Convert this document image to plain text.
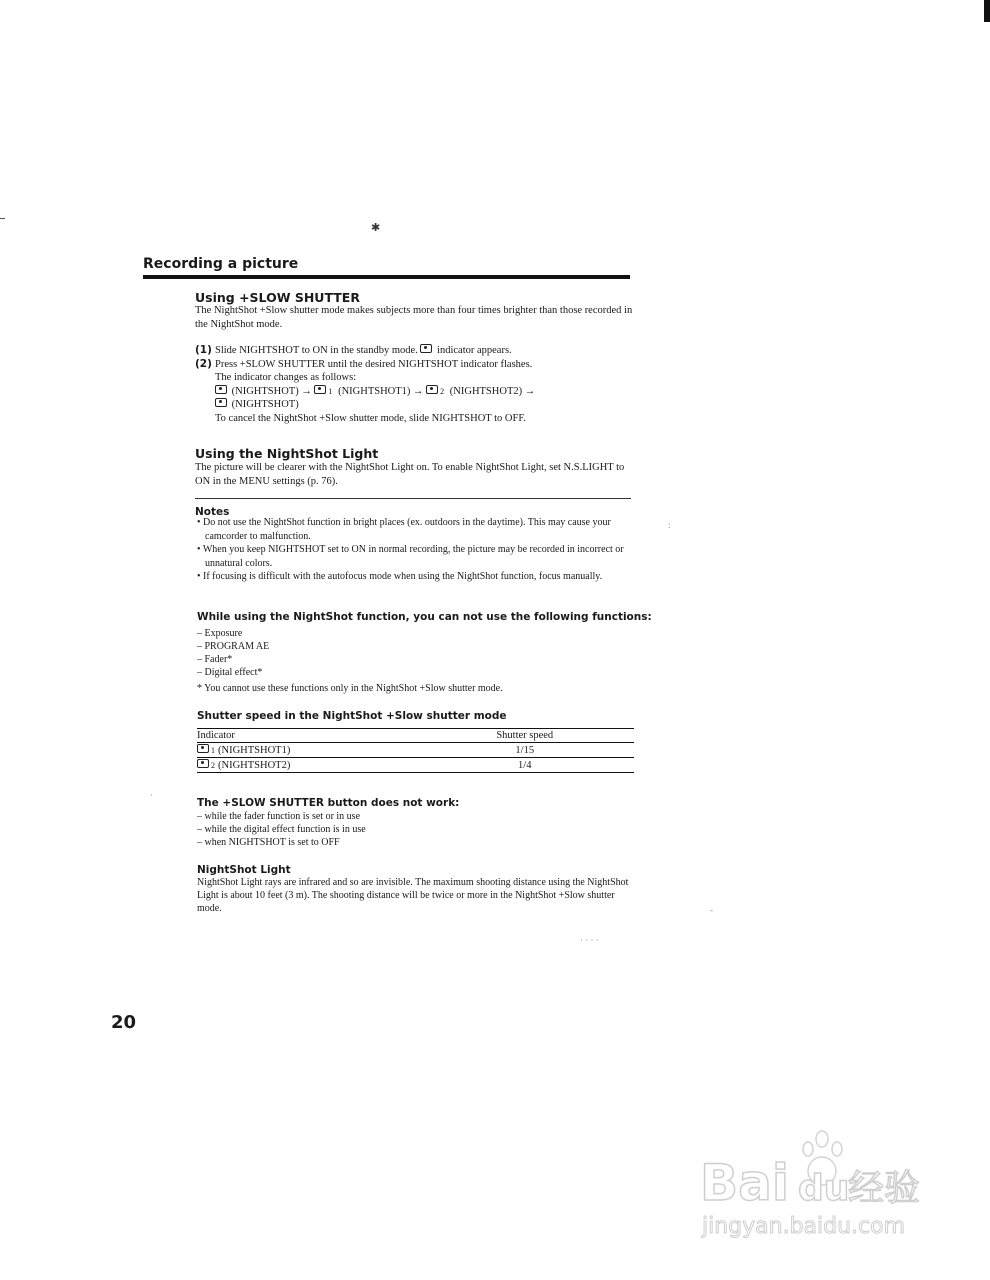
✱
Recording a picture
Using +SLOW SHUTTER
The NightShot +Slow shutter mode makes subjects more than four times brighter than those recorded in the NightShot mode.
(1) Slide NIGHTSHOT to ON in the standby mode. indicator appears.
(2) Press +SLOW SHUTTER until the desired NIGHTSHOT indicator flashes.
The indicator changes as follows:
(NIGHTSHOT) → 1 (NIGHTSHOT1) → 2 (NIGHTSHOT2) →
(NIGHTSHOT)
To cancel the NightShot +Slow shutter mode, slide NIGHTSHOT to OFF.
Using the NightShot Light
The picture will be clearer with the NightShot Light on. To enable NightShot Light, set N.S.LIGHT to ON in the MENU settings (p. 76).
Notes
• Do not use the NightShot function in bright places (ex. outdoors in the daytime). This may cause your camcorder to malfunction.
• When you keep NIGHTSHOT set to ON in normal recording, the picture may be recorded in incorrect or unnatural colors.
• If focusing is difficult with the autofocus mode when using the NightShot function, focus manually.
While using the NightShot function, you can not use the following functions:
– Exposure
– PROGRAM AE
– Fader*
– Digital effect*
* You cannot use these functions only in the NightShot +Slow shutter mode.
Shutter speed in the NightShot +Slow shutter mode
Indicator	Shutter speed
1 (NIGHTSHOT1)	1/15
2 (NIGHTSHOT2)	1/4
The +SLOW SHUTTER button does not work:
– while the fader function is set or in use
– while the digital effect function is in use
– when NIGHTSHOT is set to OFF
NightShot Light
NightShot Light rays are infrared and so are invisible. The maximum shooting distance using the NightShot Light is about 10 feet (3 m). The shooting distance will be twice or more in the NightShot +Slow shutter mode.
20
·
:
-
· · · ·
Bai du
经验
jingyan.baidu.com
